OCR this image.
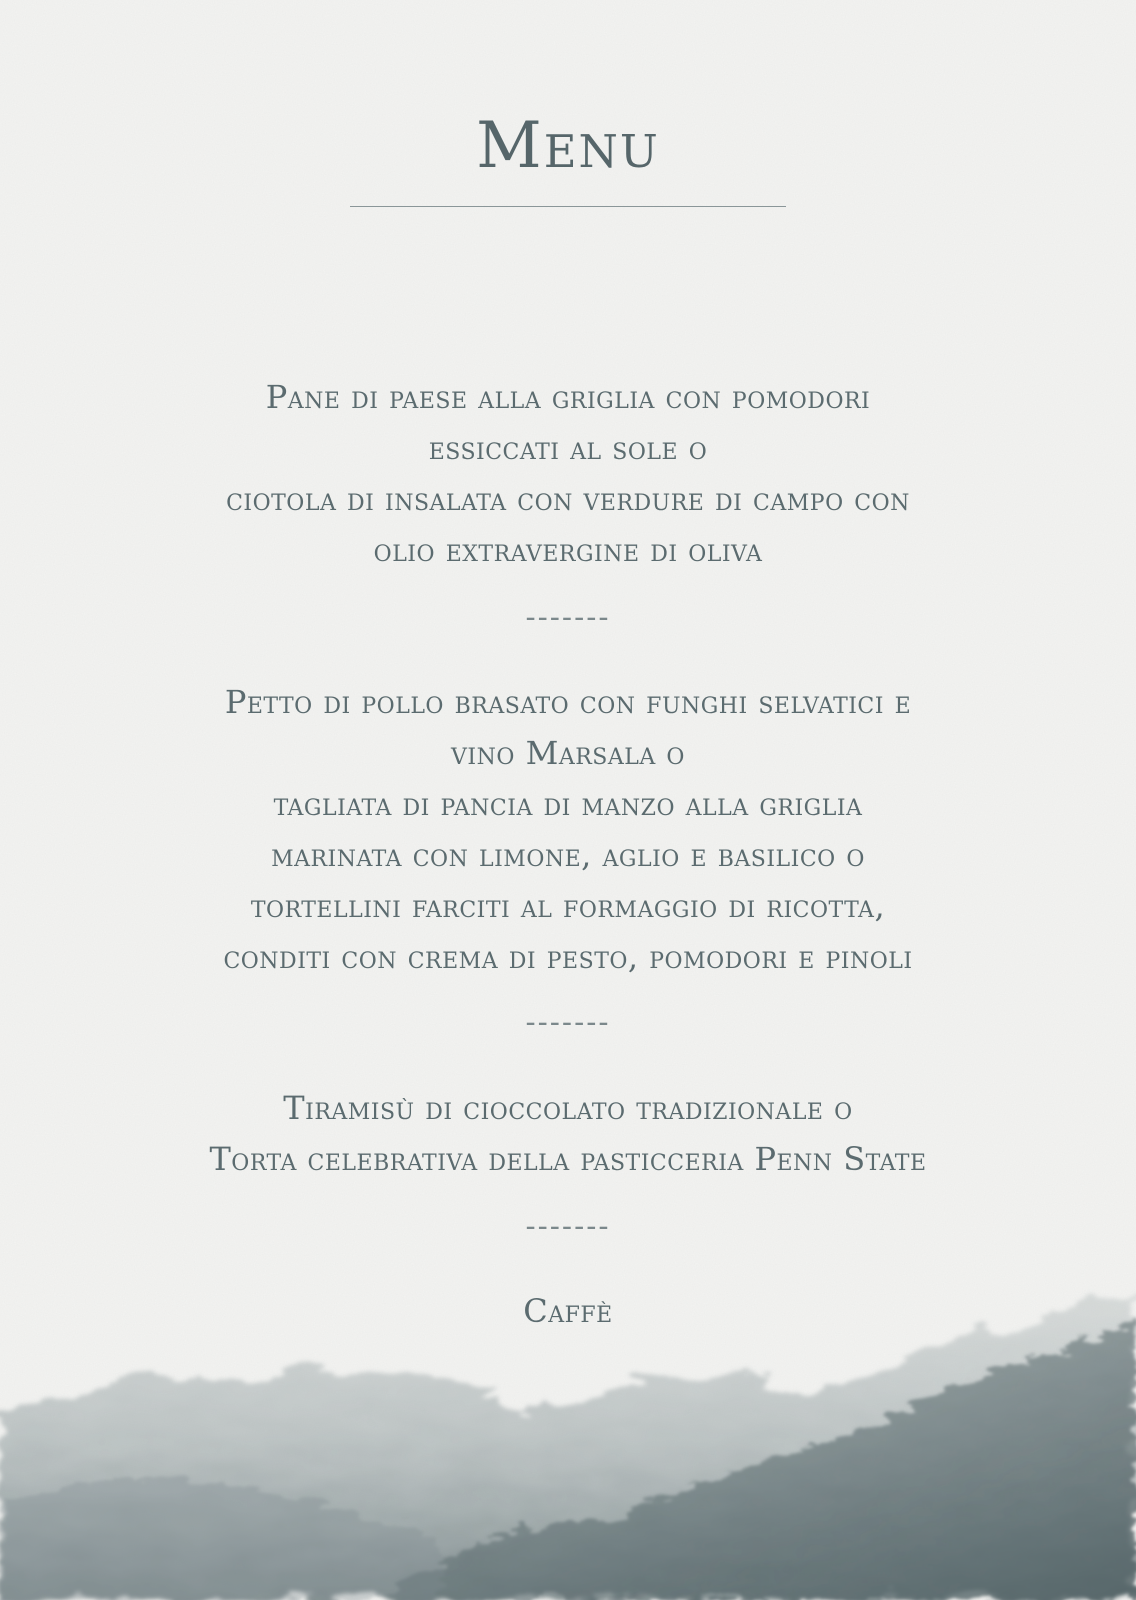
Menu
Pane di paese alla griglia con pomodori
essiccati al sole o
ciotola di insalata con verdure di campo con
olio extravergine di oliva
-------
Petto di pollo brasato con funghi selvatici e
vino Marsala o
tagliata di pancia di manzo alla griglia
marinata con limone, aglio e basilico o
tortellini farciti al formaggio di ricotta,
conditi con crema di pesto, pomodori e pinoli
-------
Tiramisù di cioccolato tradizionale o
Torta celebrativa della pasticceria Penn State
-------
Caffè
